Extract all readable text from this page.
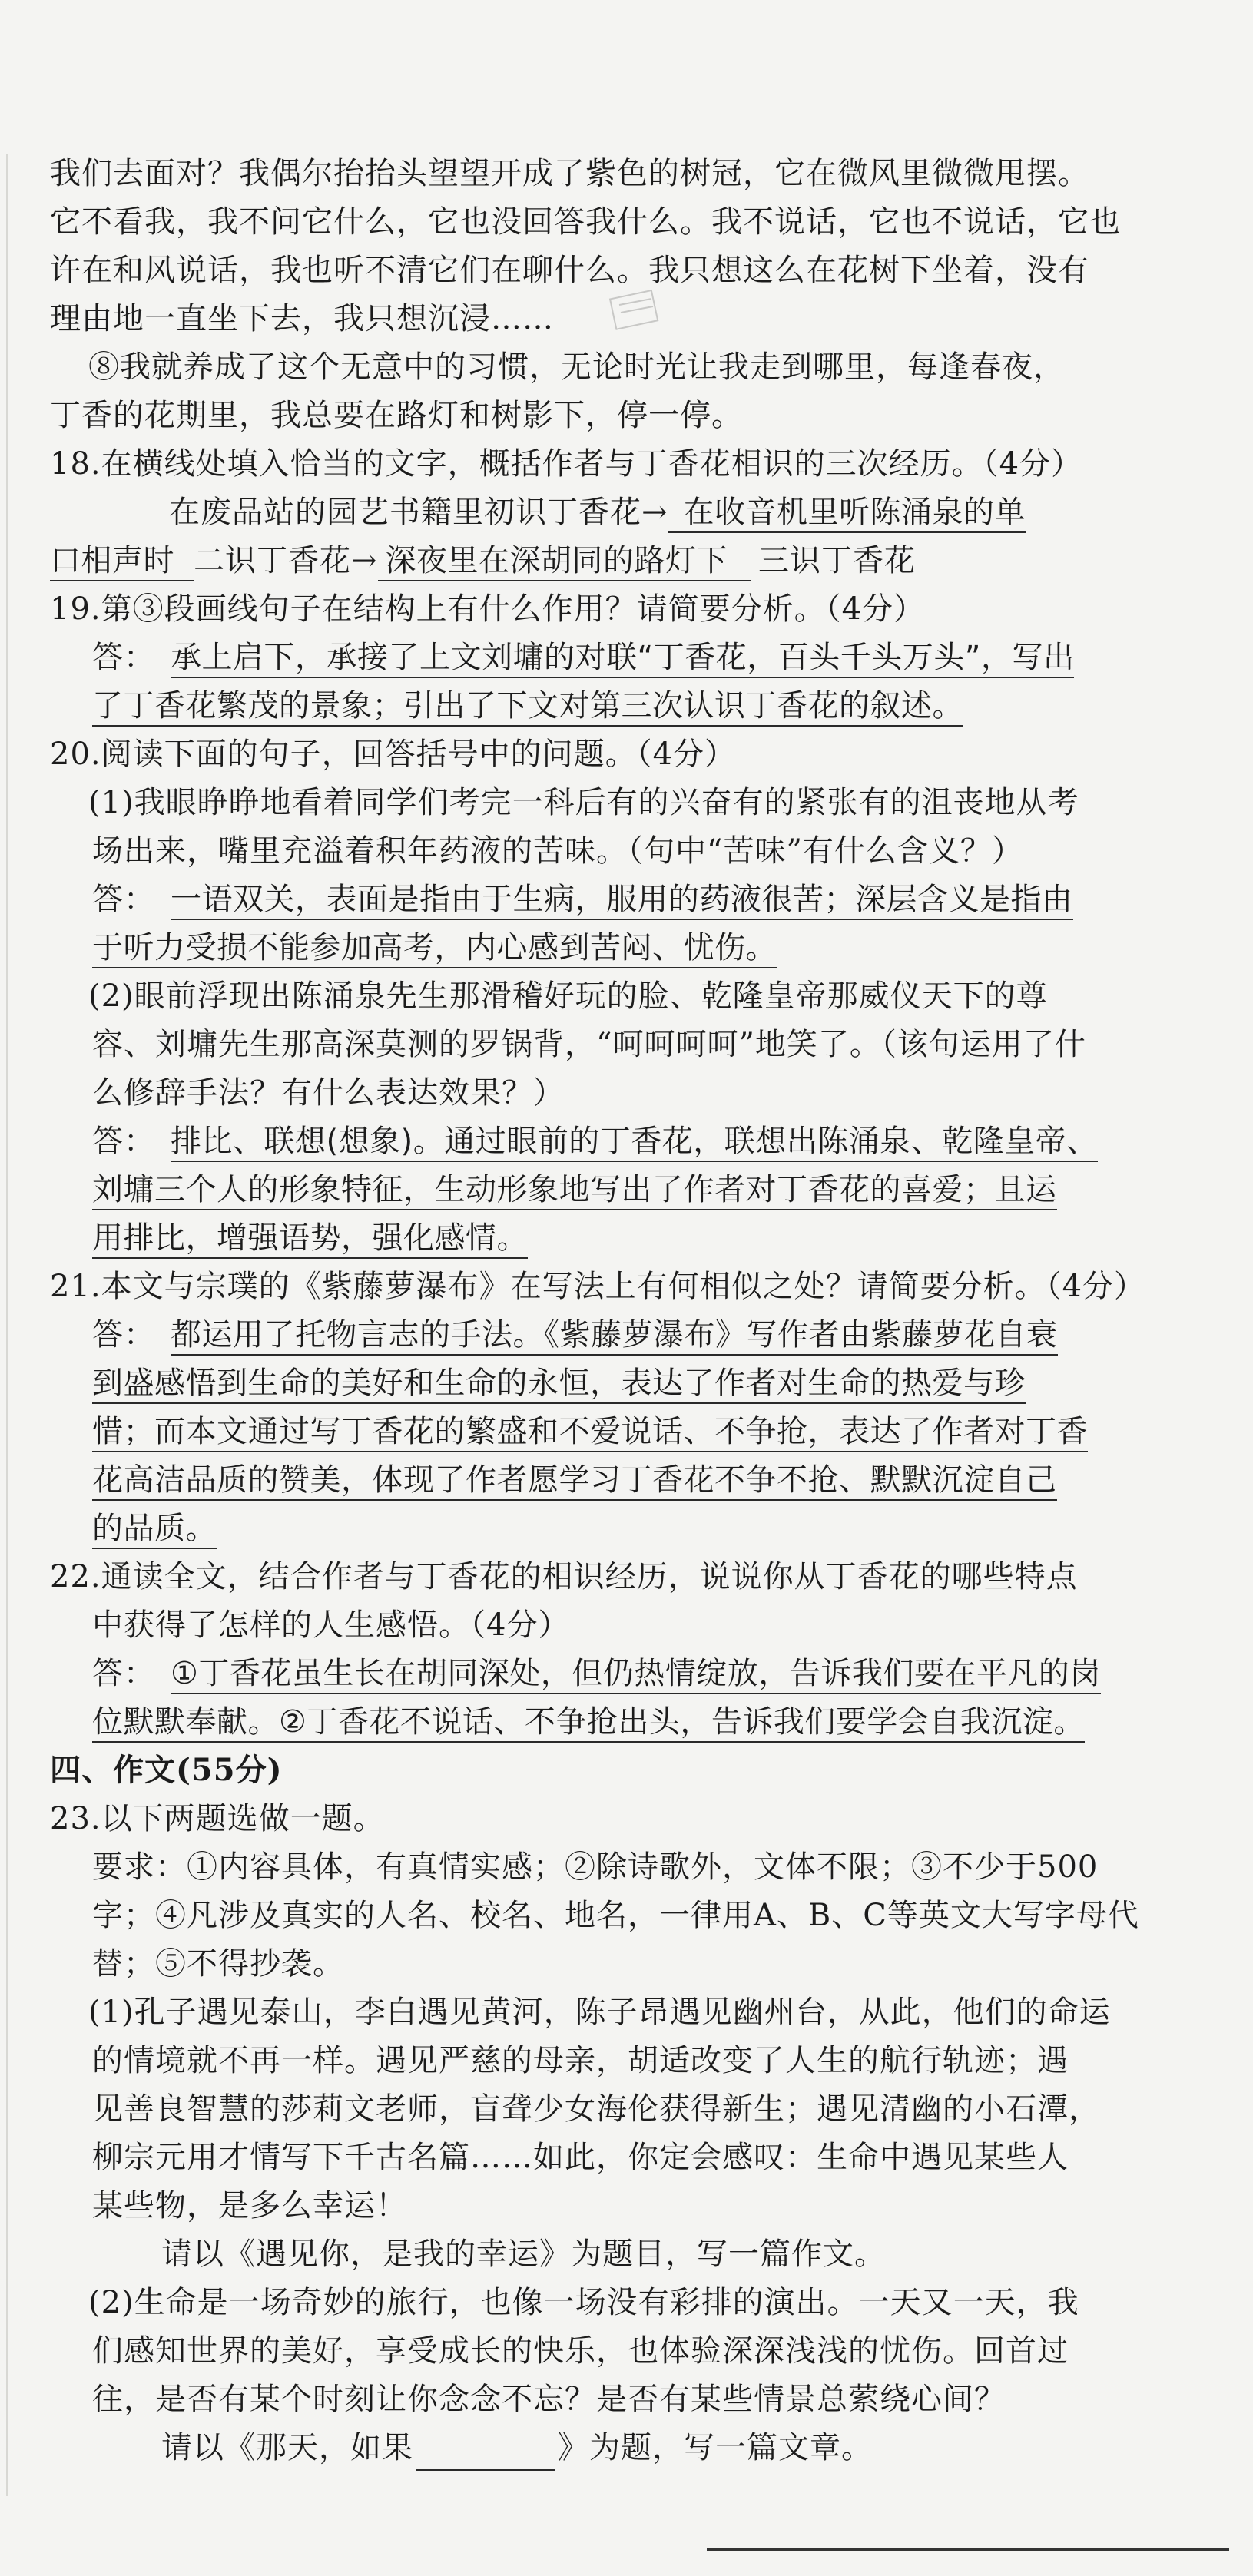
我们去面对？我偶尔抬抬头望望开成了紫色的树冠，它在微风里微微甩摆。
它不看我，我不问它什么，它也没回答我什么。我不说话，它也不说话，它也
许在和风说话，我也听不清它们在聊什么。我只想这么在花树下坐着，没有
理由地一直坐下去，我只想沉浸……
⑧我就养成了这个无意中的习惯，无论时光让我走到哪里，每逢春夜，
丁香的花期里，我总要在路灯和树影下，停一停。
18.在横线处填入恰当的文字，概括作者与丁香花相识的三次经历。（4分）
在废品站的园艺书籍里初识丁香花→ 在收音机里听陈涌泉的单
口相声时 二识丁香花→ 深夜里在深胡同的路灯下 三识丁香花
19.第③段画线句子在结构上有什么作用？请简要分析。（4分）
答： 承上启下，承接了上文刘墉的对联“丁香花，百头千头万头”，写出
了丁香花繁茂的景象；引出了下文对第三次认识丁香花的叙述。
20.阅读下面的句子，回答括号中的问题。（4分）
(1)我眼睁睁地看着同学们考完一科后有的兴奋有的紧张有的沮丧地从考
场出来，嘴里充溢着积年药液的苦味。（句中“苦味”有什么含义？）
答： 一语双关，表面是指由于生病，服用的药液很苦；深层含义是指由
于听力受损不能参加高考，内心感到苦闷、忧伤。
(2)眼前浮现出陈涌泉先生那滑稽好玩的脸、乾隆皇帝那威仪天下的尊
容、刘墉先生那高深莫测的罗锅背，“呵呵呵呵”地笑了。（该句运用了什
么修辞手法？有什么表达效果？）
答： 排比、联想(想象)。通过眼前的丁香花，联想出陈涌泉、乾隆皇帝、
刘墉三个人的形象特征，生动形象地写出了作者对丁香花的喜爱；且运
用排比，增强语势，强化感情。
21.本文与宗璞的《紫藤萝瀑布》在写法上有何相似之处？请简要分析。（4分）
答： 都运用了托物言志的手法。《紫藤萝瀑布》写作者由紫藤萝花自衰
到盛感悟到生命的美好和生命的永恒，表达了作者对生命的热爱与珍
惜；而本文通过写丁香花的繁盛和不爱说话、不争抢，表达了作者对丁香
花高洁品质的赞美，体现了作者愿学习丁香花不争不抢、默默沉淀自己
的品质。
22.通读全文，结合作者与丁香花的相识经历，说说你从丁香花的哪些特点
中获得了怎样的人生感悟。（4分）
答： ①丁香花虽生长在胡同深处，但仍热情绽放，告诉我们要在平凡的岗
位默默奉献。②丁香花不说话、不争抢出头，告诉我们要学会自我沉淀。
四、作文(55分)
23.以下两题选做一题。
要求：①内容具体，有真情实感；②除诗歌外，文体不限；③不少于500
字；④凡涉及真实的人名、校名、地名，一律用A、B、C等英文大写字母代
替；⑤不得抄袭。
(1)孔子遇见泰山，李白遇见黄河，陈子昂遇见幽州台，从此，他们的命运
的情境就不再一样。遇见严慈的母亲，胡适改变了人生的航行轨迹；遇
见善良智慧的莎莉文老师，盲聋少女海伦获得新生；遇见清幽的小石潭，
柳宗元用才情写下千古名篇……如此，你定会感叹：生命中遇见某些人
某些物，是多么幸运！
请以《遇见你，是我的幸运》为题目，写一篇作文。
(2)生命是一场奇妙的旅行，也像一场没有彩排的演出。一天又一天，我
们感知世界的美好，享受成长的快乐，也体验深深浅浅的忧伤。回首过
往，是否有某个时刻让你念念不忘？是否有某些情景总萦绕心间？
请以《那天，如果	》为题，写一篇文章。
